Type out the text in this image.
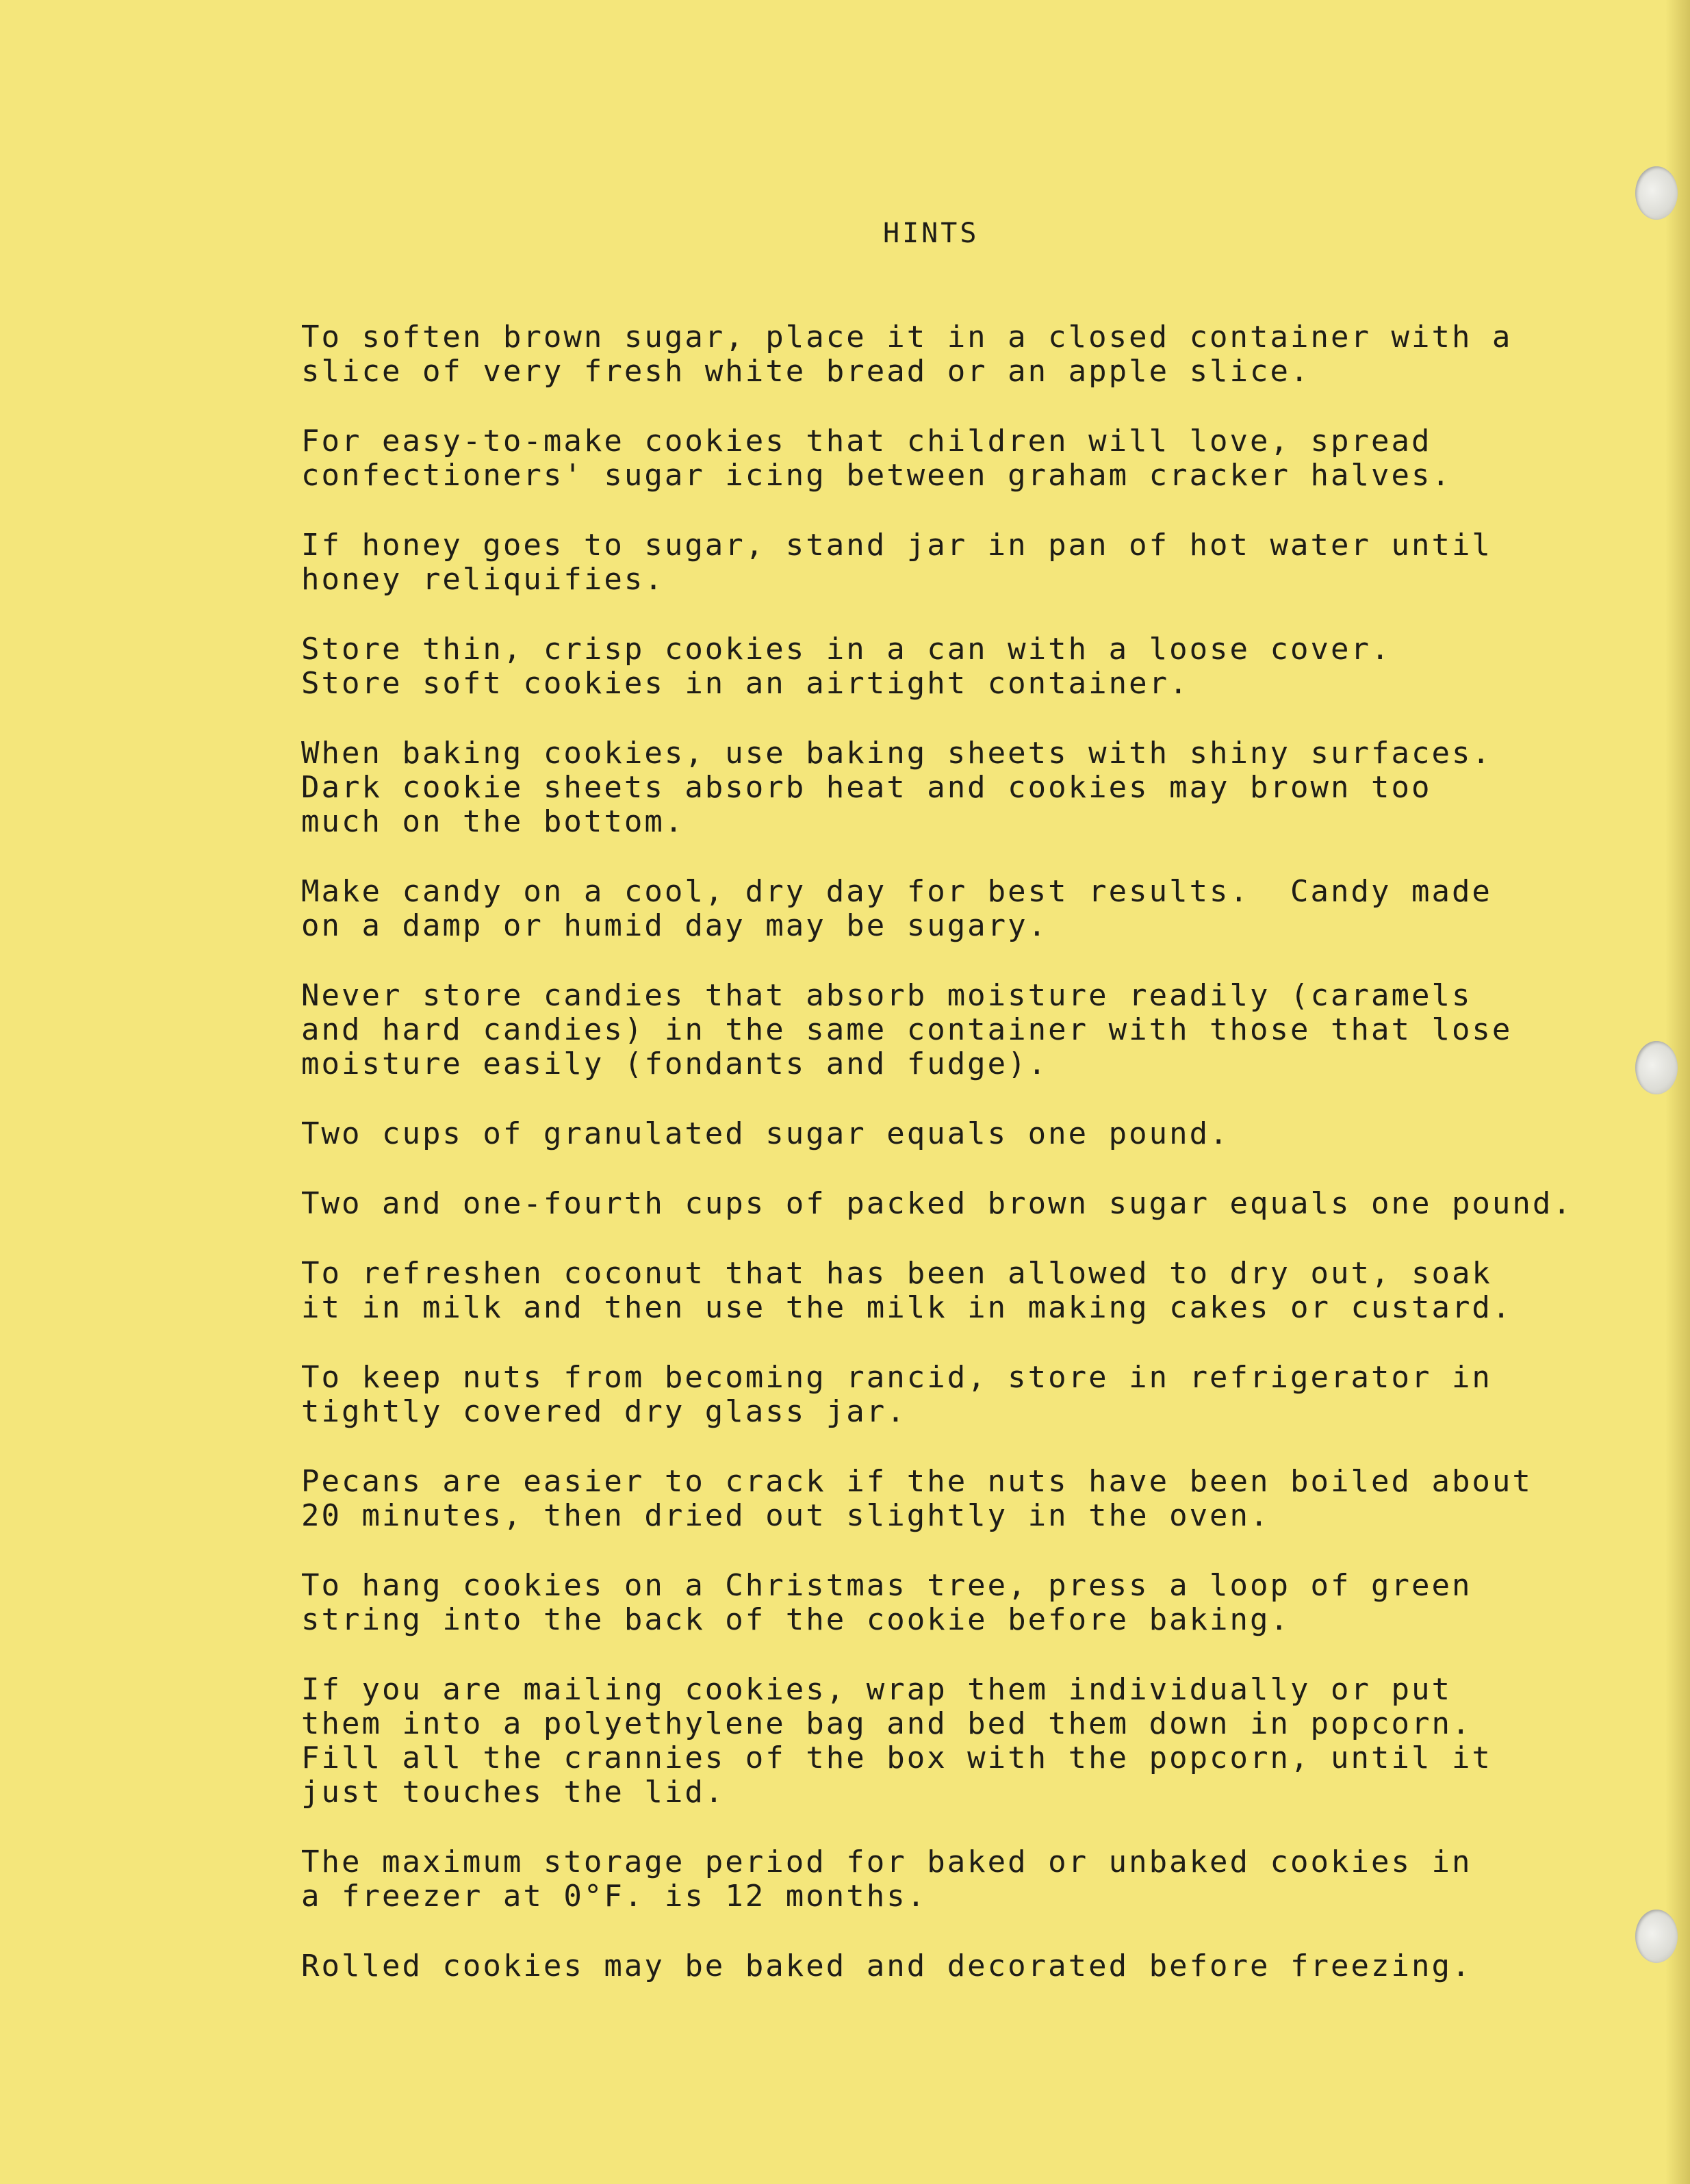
HINTS
To soften brown sugar, place it in a closed container with a
slice of very fresh white bread or an apple slice.
For easy-to-make cookies that children will love, spread
confectioners' sugar icing between graham cracker halves.
If honey goes to sugar, stand jar in pan of hot water until
honey reliquifies.
Store thin, crisp cookies in a can with a loose cover.
Store soft cookies in an airtight container.
When baking cookies, use baking sheets with shiny surfaces.
Dark cookie sheets absorb heat and cookies may brown too
much on the bottom.
Make candy on a cool, dry day for best results.  Candy made
on a damp or humid day may be sugary.
Never store candies that absorb moisture readily (caramels
and hard candies) in the same container with those that lose
moisture easily (fondants and fudge).
Two cups of granulated sugar equals one pound.
Two and one-fourth cups of packed brown sugar equals one pound.
To refreshen coconut that has been allowed to dry out, soak
it in milk and then use the milk in making cakes or custard.
To keep nuts from becoming rancid, store in refrigerator in
tightly covered dry glass jar.
Pecans are easier to crack if the nuts have been boiled about
20 minutes, then dried out slightly in the oven.
To hang cookies on a Christmas tree, press a loop of green
string into the back of the cookie before baking.
If you are mailing cookies, wrap them individually or put
them into a polyethylene bag and bed them down in popcorn.
Fill all the crannies of the box with the popcorn, until it
just touches the lid.
The maximum storage period for baked or unbaked cookies in
a freezer at 0°F. is 12 months.
Rolled cookies may be baked and decorated before freezing.
